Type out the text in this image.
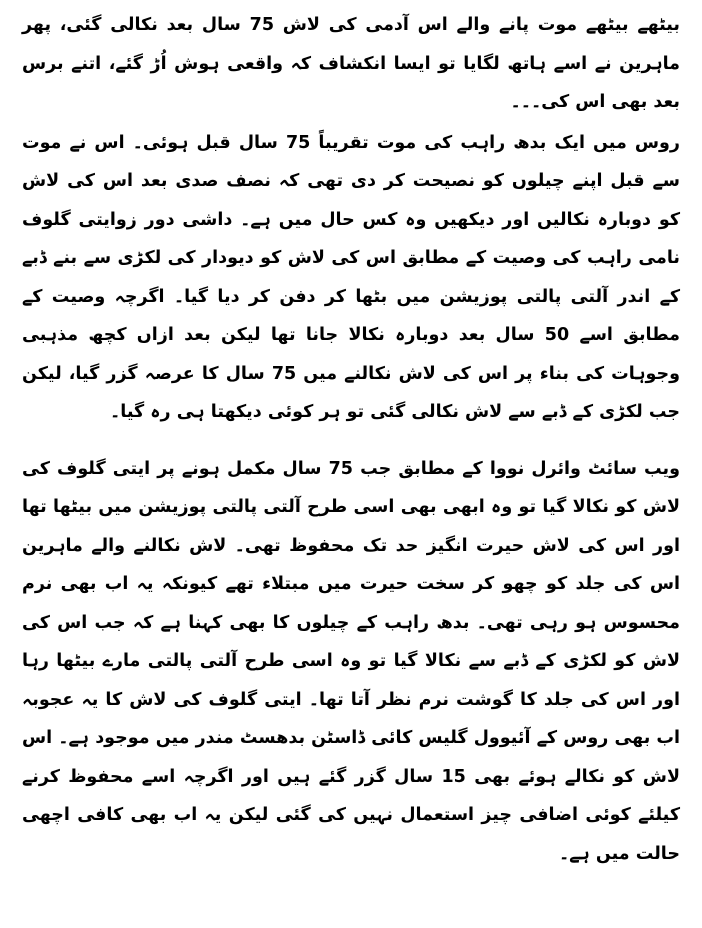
بیٹھے بیٹھے موت پانے والے اس آدمی کی لاش 75 سال بعد نکالی گئی، پھر ماہرین نے اسے ہاتھ لگایا تو ایسا انکشاف کہ واقعی ہوش اُڑ گئے، اتنے برس بعد بھی اس کی۔۔۔

روس میں ایک بدھ راہب کی موت تقریباً 75 سال قبل ہوئی۔ اس نے موت سے قبل اپنے چیلوں کو نصیحت کر دی تھی کہ نصف صدی بعد اس کی لاش کو دوبارہ نکالیں اور دیکھیں وہ کس حال میں ہے۔ داشی دور زوایتی گلوف نامی راہب کی وصیت کے مطابق اس کی لاش کو دیودار کی لکڑی سے بنے ڈبے کے اندر آلتی پالتی پوزیشن میں بٹھا کر دفن کر دیا گیا۔ اگرچہ وصیت کے مطابق اسے 50 سال بعد دوبارہ نکالا جانا تھا لیکن بعد ازاں کچھ مذہبی وجوہات کی بناء پر اس کی لاش نکالنے میں 75 سال کا عرصہ گزر گیا، لیکن جب لکڑی کے ڈبے سے لاش نکالی گئی تو ہر کوئی دیکھتا ہی رہ گیا۔

ویب سائٹ وائرل نووا کے مطابق جب 75 سال مکمل ہونے پر ایتی گلوف کی لاش کو نکالا گیا تو وہ ابھی بھی اسی طرح آلتی پالتی پوزیشن میں بیٹھا تھا اور اس کی لاش حیرت انگیز حد تک محفوظ تھی۔ لاش نکالنے والے ماہرین اس کی جلد کو چھو کر سخت حیرت میں مبتلاء تھے کیونکہ یہ اب بھی نرم محسوس ہو رہی تھی۔ بدھ راہب کے چیلوں کا بھی کہنا ہے کہ جب اس کی لاش کو لکڑی کے ڈبے سے نکالا گیا تو وہ اسی طرح آلتی پالتی مارے بیٹھا رہا اور اس کی جلد کا گوشت نرم نظر آتا تھا۔ ایتی گلوف کی لاش کا یہ عجوبہ اب بھی روس کے آئیوول گلیس کائی ڈاسٹن بدھسٹ مندر میں موجود ہے۔ اس لاش کو نکالے ہوئے بھی 15 سال گزر گئے ہیں اور اگرچہ اسے محفوظ کرنے کیلئے کوئی اضافی چیز استعمال نہیں کی گئی لیکن یہ اب بھی کافی اچھی حالت میں ہے۔
